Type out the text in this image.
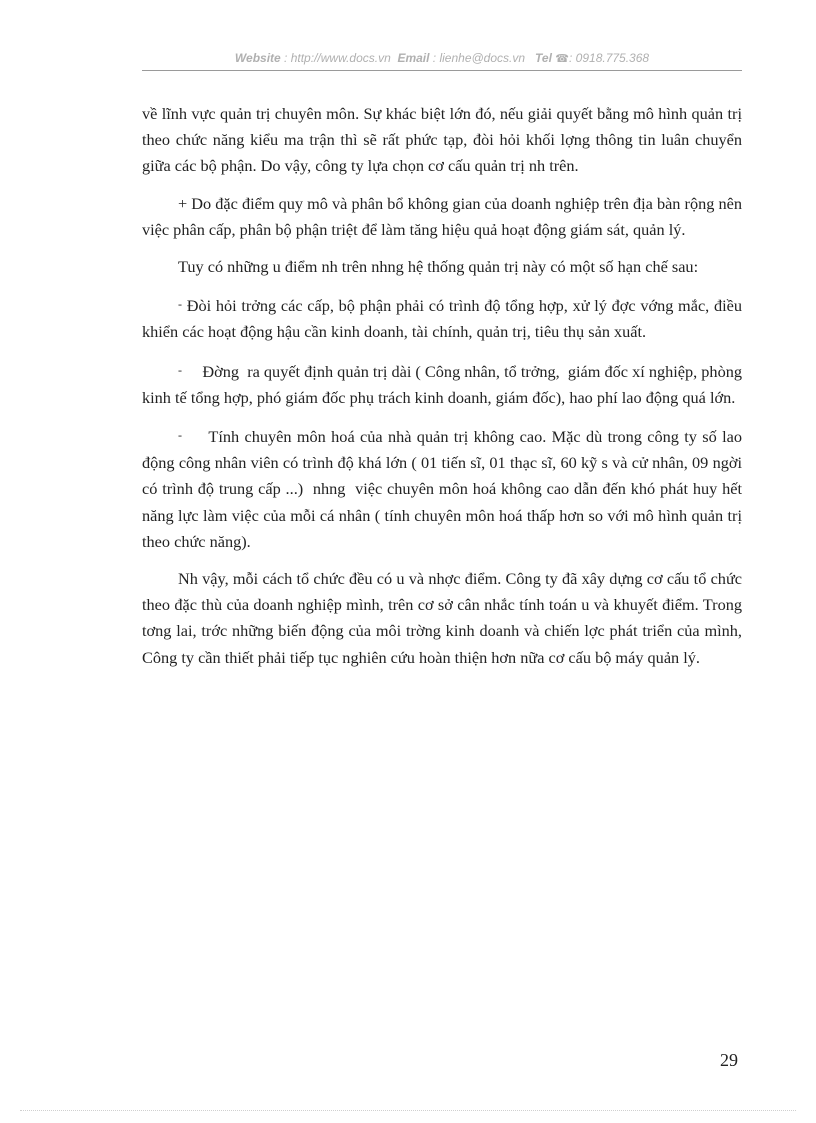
Website : http://www.docs.vn Email : lienhe@docs.vn Tel ☎: 0918.775.368

về lĩnh vực quản trị chuyên môn. Sự khác biệt lớn đó, nếu giải quyết bằng mô hình quản trị theo chức năng kiểu ma trận thì sẽ rất phức tạp, đòi hỏi khối lợng thông tin luân chuyển giữa các bộ phận. Do vậy, công ty lựa chọn cơ cấu quản trị nh trên.

+ Do đặc điểm quy mô và phân bổ không gian của doanh nghiệp trên địa bàn rộng nên việc phân cấp, phân bộ phận triệt để làm tăng hiệu quả hoạt động giám sát, quản lý.

Tuy có những u điểm nh trên nhng hệ thống quản trị này có một số hạn chế sau:

- Đòi hỏi trởng các cấp, bộ phận phải có trình độ tổng hợp, xử lý đợc vớng mắc, điều khiển các hoạt động hậu cần kinh doanh, tài chính, quản trị, tiêu thụ sản xuất.

-     Đờng  ra quyết định quản trị dài ( Công nhân, tổ trởng,  giám đốc xí nghiệp, phòng kinh tế tổng hợp, phó giám đốc phụ trách kinh doanh, giám đốc), hao phí lao động quá lớn.

-     Tính chuyên môn hoá của nhà quản trị không cao. Mặc dù trong công ty số lao động công nhân viên có trình độ khá lớn ( 01 tiến sĩ, 01 thạc sĩ, 60 kỹ s và cử nhân, 09 ngời  có trình độ trung cấp ...)  nhng  việc chuyên môn hoá không cao dẫn đến khó phát huy hết năng lực làm việc của mỗi cá nhân ( tính chuyên môn hoá thấp hơn so với mô hình quản trị theo chức năng).

Nh vậy, mỗi cách tổ chức đều có u và nhợc điểm. Công ty đã xây dựng cơ cấu tổ chức theo đặc thù của doanh nghiệp mình, trên cơ sở cân nhắc tính toán u và khuyết điểm. Trong tơng lai, trớc những biến động của môi trờng kinh doanh và chiến lợc phát triển của mình, Công ty cần thiết phải tiếp tục nghiên cứu hoàn thiện hơn nữa cơ cấu bộ máy quản lý.

29
